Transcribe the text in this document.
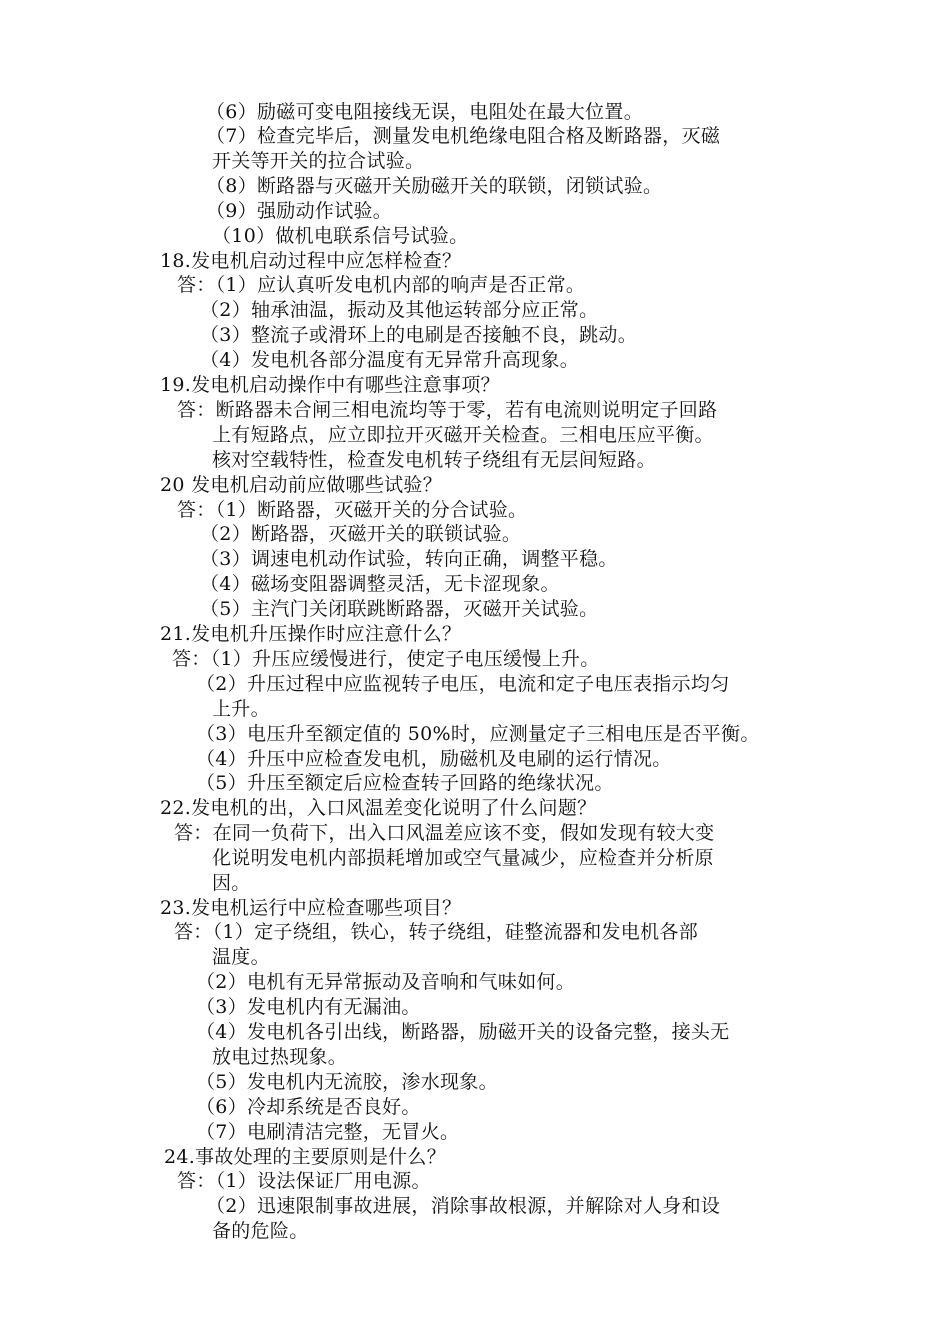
（6）励磁可变电阻接线无误，电阻处在最大位置。
（7）检查完毕后，测量发电机绝缘电阻合格及断路器，灭磁
开关等开关的拉合试验。
（8）断路器与灭磁开关励磁开关的联锁，闭锁试验。
（9）强励动作试验。
（10）做机电联系信号试验。
18.发电机启动过程中应怎样检查？
答：（1）应认真听发电机内部的响声是否正常。
（2）轴承油温，振动及其他运转部分应正常。
（3）整流子或滑环上的电刷是否接触不良，跳动。
（4）发电机各部分温度有无异常升高现象。
19.发电机启动操作中有哪些注意事项？
答：断路器未合闸三相电流均等于零，若有电流则说明定子回路
上有短路点，应立即拉开灭磁开关检查。三相电压应平衡。
核对空载特性，检查发电机转子绕组有无层间短路。
20 发电机启动前应做哪些试验？
答：（1）断路器，灭磁开关的分合试验。
（2）断路器，灭磁开关的联锁试验。
（3）调速电机动作试验，转向正确，调整平稳。
（4）磁场变阻器调整灵活，无卡涩现象。
（5）主汽门关闭联跳断路器，灭磁开关试验。
21.发电机升压操作时应注意什么？
答：（1）升压应缓慢进行，使定子电压缓慢上升。
（2）升压过程中应监视转子电压，电流和定子电压表指示均匀
上升。
（3）电压升至额定值的 50%时，应测量定子三相电压是否平衡。
（4）升压中应检查发电机，励磁机及电刷的运行情况。
（5）升压至额定后应检查转子回路的绝缘状况。
22.发电机的出，入口风温差变化说明了什么问题？
答：在同一负荷下，出入口风温差应该不变，假如发现有较大变
化说明发电机内部损耗增加或空气量减少，应检查并分析原
因。
23.发电机运行中应检查哪些项目？
答：（1）定子绕组，铁心，转子绕组，硅整流器和发电机各部
温度。
（2）电机有无异常振动及音响和气味如何。
（3）发电机内有无漏油。
（4）发电机各引出线，断路器，励磁开关的设备完整，接头无
放电过热现象。
（5）发电机内无流胶，渗水现象。
（6）冷却系统是否良好。
（7）电刷清洁完整，无冒火。
24.事故处理的主要原则是什么？
答：（1）设法保证厂用电源。
（2）迅速限制事故进展，消除事故根源，并解除对人身和设
备的危险。
